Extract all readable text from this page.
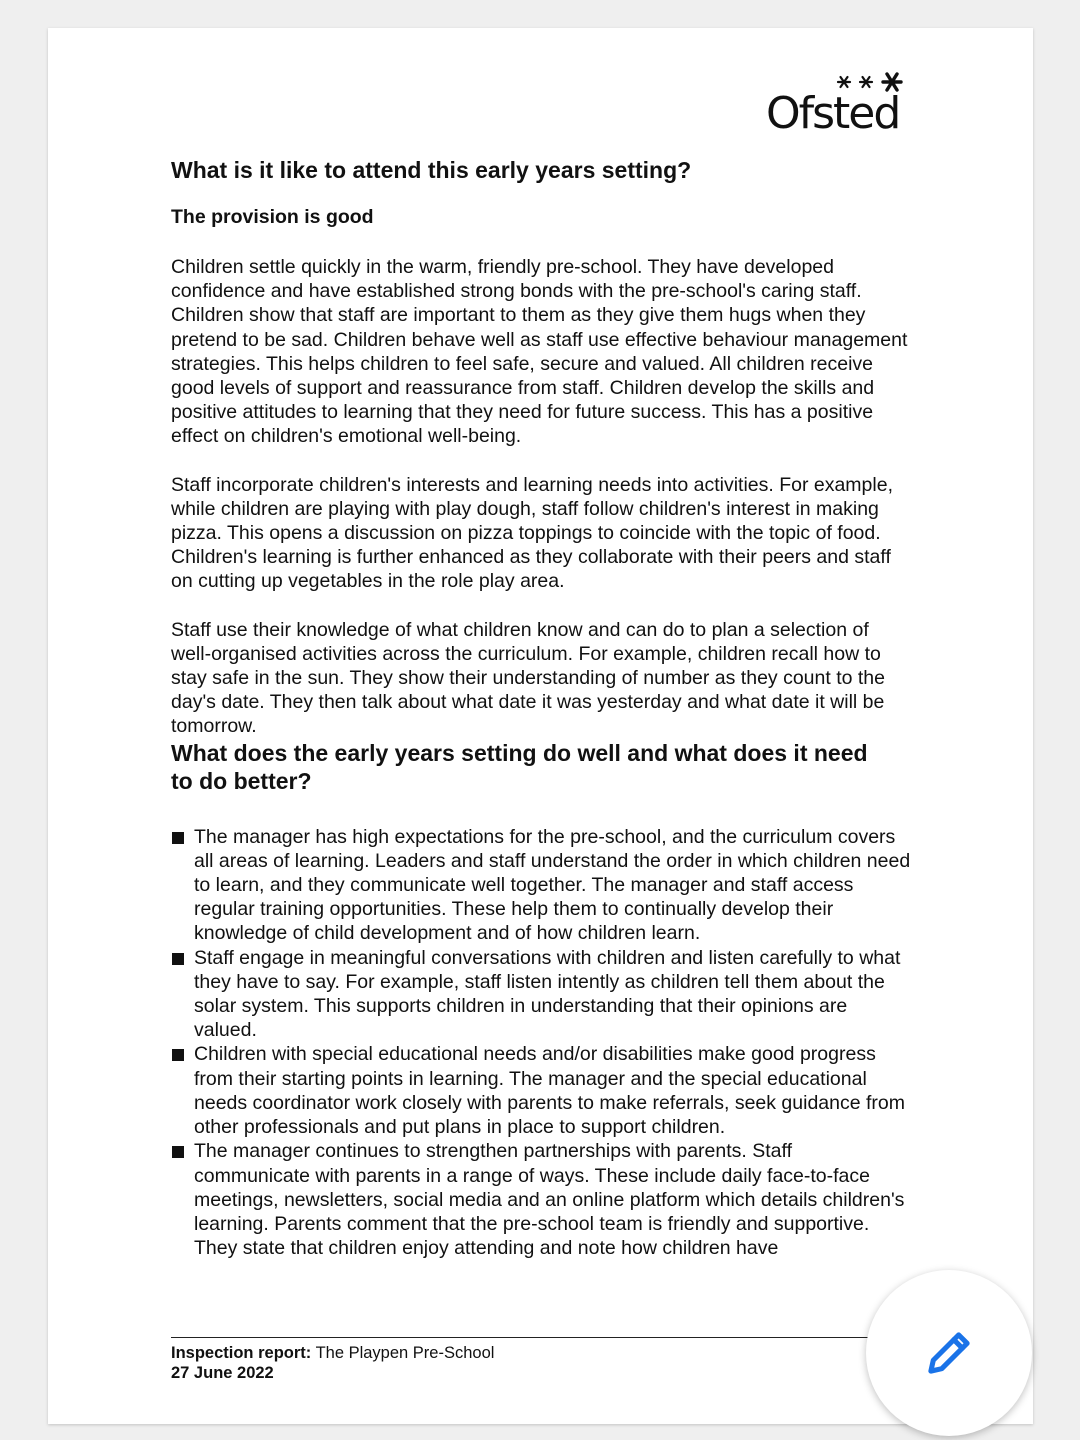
Ofsted
What is it like to attend this early years setting?
The provision is good

Children settle quickly in the warm, friendly pre-school. They have developed confidence and have established strong bonds with the pre-school's caring staff. Children show that staff are important to them as they give them hugs when they pretend to be sad. Children behave well as staff use effective behaviour management strategies. This helps children to feel safe, secure and valued. All children receive good levels of support and reassurance from staff. Children develop the skills and positive attitudes to learning that they need for future success. This has a positive effect on children's emotional well-being.

Staff incorporate children's interests and learning needs into activities. For example, while children are playing with play dough, staff follow children's interest in making pizza. This opens a discussion on pizza toppings to coincide with the topic of food. Children's learning is further enhanced as they collaborate with their peers and staff on cutting up vegetables in the role play area.

Staff use their knowledge of what children know and can do to plan a selection of well-organised activities across the curriculum. For example, children recall how to stay safe in the sun. They show their understanding of number as they count to the day's date. They then talk about what date it was yesterday and what date it will be tomorrow.

What does the early years setting do well and what does it need to do better?
The manager has high expectations for the pre-school, and the curriculum covers all areas of learning. Leaders and staff understand the order in which children need to learn, and they communicate well together. The manager and staff access regular training opportunities. These help them to continually develop their knowledge of child development and of how children learn.
Staff engage in meaningful conversations with children and listen carefully to what they have to say. For example, staff listen intently as children tell them about the solar system. This supports children in understanding that their opinions are valued.
Children with special educational needs and/or disabilities make good progress from their starting points in learning. The manager and the special educational needs coordinator work closely with parents to make referrals, seek guidance from other professionals and put plans in place to support children.
The manager continues to strengthen partnerships with parents. Staff communicate with parents in a range of ways. These include daily face-to-face meetings, newsletters, social media and an online platform which details children's learning. Parents comment that the pre-school team is friendly and supportive. They state that children enjoy attending and note how children have
Inspection report: The Playpen Pre-School
27 June 2022
